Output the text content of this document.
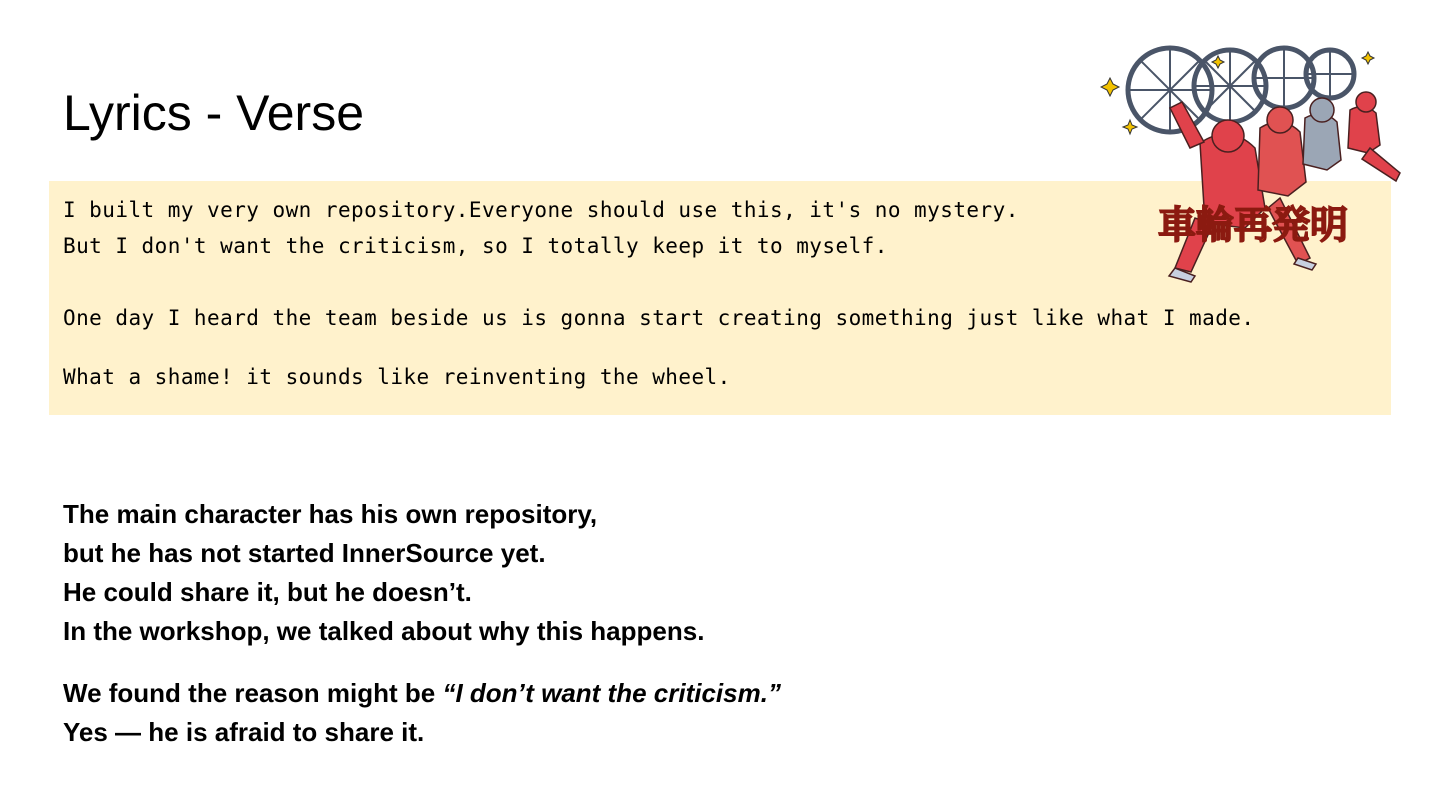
Lyrics - Verse

I built my very own repository.Everyone should use this, it's no mystery.

But I don't want the criticism, so I totally keep it to myself.

One day I heard the team beside us is gonna start creating something just like what I made.

What a shame! it sounds like reinventing the wheel.

The main character has his own repository,

but he has not started InnerSource yet.

He could share it, but he doesn’t.

In the workshop, we talked about why this happens.

We found the reason might be “I don’t want the criticism.”

Yes — he is afraid to share it.

車輪再発明
